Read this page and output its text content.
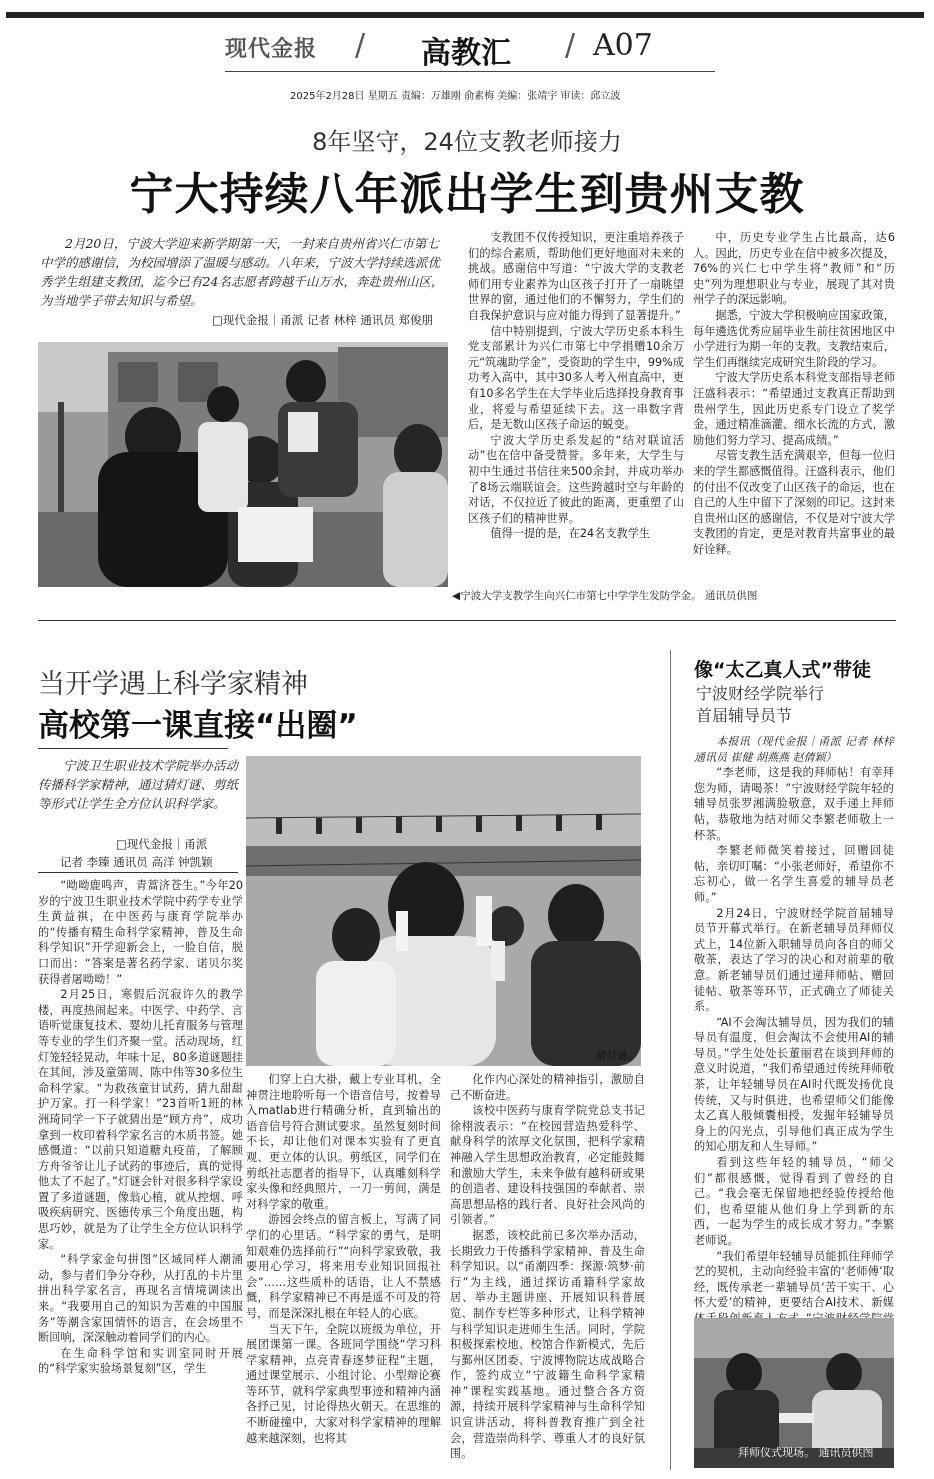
现代金报 / 高教汇 / A07
2025年2月28日 星期五 责编：万雄刚 俞素梅 美编：张靖宇 审读：邱立波
8年坚守，24位支教老师接力
宁大持续八年派出学生到贵州支教
2月20日，宁波大学迎来新学期第一天，一封来自贵州省兴仁市第七中学的感谢信，为校园增添了温暖与感动。八年来，宁波大学持续选派优秀学生组建支教团，迄今已有24名志愿者跨越千山万水，奔赴贵州山区，为当地学子带去知识与希望。
□现代金报｜甬派 记者 林梓 通讯员 郑俊朋
◀宁波大学支教学生向兴仁市第七中学学生发防学金。 通讯员供图

支教团不仅传授知识，更注重培养孩子们的综合素质，帮助他们更好地面对未来的挑战。感谢信中写道：“宁波大学的支教老师们用专业素养为山区孩子打开了一扇眺望世界的窗，通过他们的不懈努力，学生们的自我保护意识与应对能力得到了显著提升。”

信中特别提到，宁波大学历史系本科生党支部累计为兴仁市第七中学捐赠10余万元“筑魂助学金”，受资助的学生中，99%成功考入高中，其中30多人考入州直高中，更有10多名学生在大学毕业后选择投身教育事业，将爱与希望延续下去。这一串数字背后，是无数山区孩子命运的蜕变。

宁波大学历史系发起的“结对联谊活动”也在信中备受赞誉。多年来，大学生与初中生通过书信往来500余封，并成功举办了8场云端联谊会。这些跨越时空与年龄的对话，不仅拉近了彼此的距离，更重塑了山区孩子们的精神世界。

值得一提的是，在24名支教学生

中，历史专业学生占比最高，达6人。因此，历史专业在信中被多次提及，76%的兴仁七中学生将“教师”和“历史”列为理想职业与专业，展现了其对贵州学子的深远影响。

据悉，宁波大学积极响应国家政策，每年遴选优秀应届毕业生前往贫困地区中小学进行为期一年的支教。支教结束后，学生们再继续完成研究生阶段的学习。

宁波大学历史系本科党支部指导老师汪盛科表示：“希望通过支教真正帮助到贵州学生，因此历史系专门设立了奖学金，通过精准滴灌、细水长流的方式，激励他们努力学习、提高成绩。”

尽管支教生活充满艰辛，但每一位归来的学生都感慨值得。汪盛科表示，他们的付出不仅改变了山区孩子的命运，也在自己的人生中留下了深刻的印记。这封来自贵州山区的感谢信，不仅是对宁波大学支教团的肯定，更是对教育共富事业的最好诠释。

当开学遇上科学家精神
高校第一课直接“出圈”
宁波卫生职业技术学院举办活动传播科学家精神，通过猜灯谜、剪纸等形式让学生全方位认识科学家。
□现代金报｜甬派
记者 李臻 通讯员 高洋 钟凯颖
猜灯谜。

“呦呦鹿鸣声，青蒿济苍生。”今年20岁的宁波卫生职业技术学院中药学专业学生黄益祺，在中医药与康育学院举办的“传播有精生命科学家精神，普及生命科学知识”开学迎新会上，一脸自信，脱口而出：“答案是著名药学家、诺贝尔奖获得者屠呦呦！”

2月25日，寒假后沉寂许久的教学楼，再度热闹起来。中医学、中药学、言语听觉康复技术、婴幼儿托育服务与管理等专业的学生们齐聚一堂。活动现场，红灯笼轻轻晃动，年味十足，80多道谜题挂在其间，涉及童第周、陈中伟等30多位生命科学家。“为救孩童甘试药，猜九甜甜护万家。打一科学家！”23首听1班的林洲琦同学一下子就猜出是“顾方舟”，成功拿到一枚印着科学家名言的木质书签。她感慨道：“以前只知道糖丸疫苗，了解顾方舟爷爷让儿子试药的事迹后，真的觉得他太了不起了。”灯谜会针对很多科学家设置了多道谜题，像翁心植，就从控烟、呼吸疾病研究、医德传承三个角度出题，构思巧妙，就是为了让学生全方位认识科学家。

“科学家金句拼图”区域同样人潮涌动，参与者们争分夺秒，从打乱的卡片里拼出科学家名言，再现名言情境调读出来。“我要用自己的知识为苦难的中国服务”等潮含家国情怀的语言，在会场里不断回响，深深触动着同学们的内心。

在生命科学馆和实训室同时开展的“科学家实验场景复刻”区，学生

们穿上白大褂，戴上专业耳机，全神贯注地聆听每一个语音信号，按着导入matlab进行精确分析，直到输出的语音信号符合测试要求。虽然复刻时间不长，却让他们对课本实验有了更直观、更立体的认识。剪纸区，同学们在剪纸社志愿者的指导下，认真雕刻科学家头像和经典照片，一刀一剪间，满是对科学家的敬重。

游园会终点的留言板上，写满了同学们的心里话。“科学家的勇气，是明知艰难仍选择前行”“向科学家致敬，我要用心学习，将来用专业知识回报社会”……这些质朴的话语，让人不禁感慨，科学家精神已不再是遥不可及的符号，而是深深扎根在年轻人的心底。

当天下午，全院以班级为单位，开展团课第一课。各班同学围绕“学习科学家精神，点亮青春逐梦征程”主题，通过课堂展示、小组讨论、小型辩论赛等环节，就科学家典型事迹和精神内涵各抒己见，讨论得热火朝天。在思维的不断碰撞中，大家对科学家精神的理解越来越深刻，也将其

化作内心深处的精神指引，激励自己不断奋进。

该校中医药与康育学院党总支书记徐栩波表示：“在校园营造热爱科学、献身科学的浓厚文化氛围，把科学家精神融入学生思想政治教育，必定能鼓舞和激励大学生，未来争做有越科研或果的创造者、建设科技强国的奉献者、崇高思想品格的践行者、良好社会风尚的引领者。”

据悉，该校此前已多次举办活动，长期致力于传播科学家精神、普及生命科学知识。以“甬潮四季：探源·筑梦·前行”为主线，通过探访甬籍科学家故居、举办主题讲座、开展知识科普展览、制作专栏等多种形式，让科学精神与科学知识走进师生生活。同时，学院积极探索校地、校馆合作新模式，先后与鄞州区团委、宁波博物院达成战略合作，签约成立“宁波籍生命科学家精神”课程实践基地。通过整合各方资源，持续开展科学家精神与生命科学知识宣讲活动，将科普教育推广到全社会，营造崇尚科学、尊重人才的良好氛围。

像“太乙真人式”带徒
宁波财经学院举行
首届辅导员节

本报讯（现代金报｜甬派 记者 林梓 通讯员 崔健 胡燕燕 赵倩颖）

“李老师，这是我的拜师帖！有幸拜您为师，请喝茶！”宁波财经学院年轻的辅导员张罗湘满脸敬意，双手递上拜师帖，恭敬地为结对师父李繁老师敬上一杯茶。

李繁老师微笑着接过，回赠回徒帖，亲切叮嘱：“小张老师好，希望你不忘初心，做一名学生喜爱的辅导员老师。”

2月24日，宁波财经学院首届辅导员节开幕式举行。在新老辅导员拜师仪式上，14位新入职辅导员向各自的师父敬茶，表达了学习的决心和对前辈的敬意。新老辅导员们通过递拜师帖、赠回徒帖、敬茶等环节，正式确立了师徒关系。

“AI不会淘汰辅导员，因为我们的辅导员有温度，但会淘汰不会使用AI的辅导员。”学生处处长董丽君在谈到拜师的意义时说道，“我们希望通过传统拜师敬茶，让年轻辅导员在AI时代既发扬优良传统，又与时俱进，也希望师父们能像太乙真人般倾囊相授，发掘年轻辅导员身上的闪光点，引导他们真正成为学生的知心朋友和人生导师。”

看到这些年轻的辅导员，“师父们”都很感慨，觉得看到了曾经的自己。“我会毫无保留地把经验传授给他们，也希望能从他们身上学到新的东西，一起为学生的成长成才努力。”李繁老师说。

“我们希望年轻辅导员能抓住拜师学艺的契机，主动向经验丰富的‘老师傅’取经，既传承老一辈辅导员‘苦干实干、心怀大爱’的精神，更要结合AI技术、新媒

拜师仪式现场。 通讯员供图
